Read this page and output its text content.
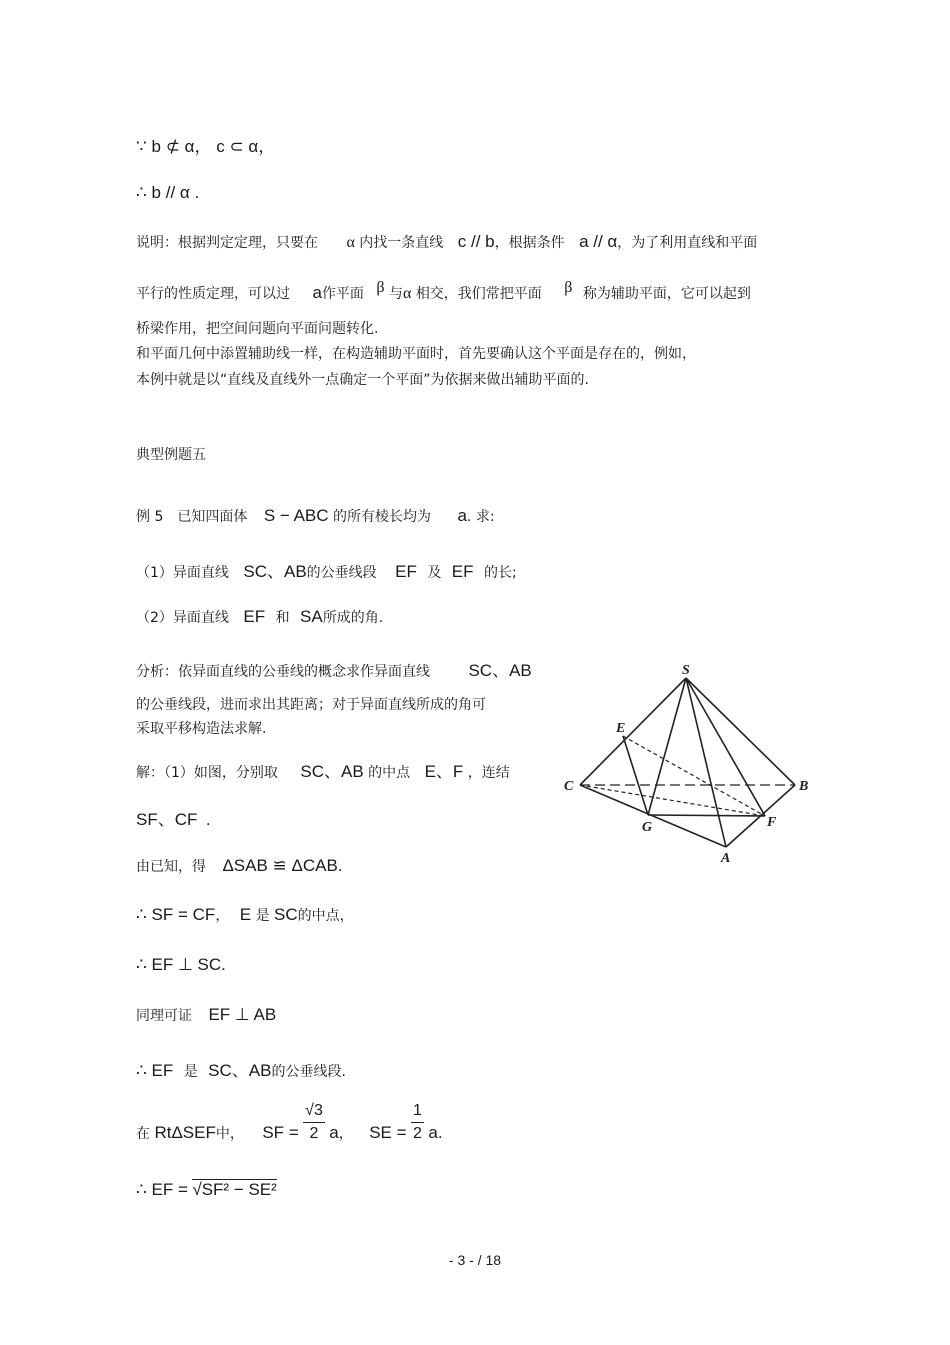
∵ b ⊄ α， c ⊂ α，
∴ b // α .
说明：根据判定定理，只要在 α 内找一条直线 c // b，根据条件 a // α，为了利用直线和平面
平行的性质定理，可以过 a作平面 β 与α 相交，我们常把平面 β 称为辅助平面，它可以起到
桥梁作用，把空间问题向平面问题转化.
和平面几何中添置辅助线一样，在构造辅助平面时，首先要确认这个平面是存在的，例如，
本例中就是以“直线及直线外一点确定一个平面”为依据来做出辅助平面的.
典型例题五
例 5　已知四面体 S − ABC 的所有棱长均为 a. 求:
（1）异面直线 SC、AB的公垂线段 EF 及 EF 的长;
（2）异面直线 EF 和 SA所成的角.
分析：依异面直线的公垂线的概念求作异面直线 SC、AB
的公垂线段，进而求出其距离；对于异面直线所成的角可
采取平移构造法求解.
解：（1）如图，分别取 SC、AB 的中点 E、F ，连结
SF、CF .
由已知，得 ΔSAB ≌ ΔCAB.
∴ SF = CF， E 是 SC的中点，
∴ EF ⊥ SC.
同理可证 EF ⊥ AB
∴ EF 是 SC、AB的公垂线段.
在 RtΔSEF中， SF = $\frac{√3}{2}$ a， SE = $\frac{1}{2} a$.
∴ EF = √SF² − SE²
S
E
C	B
G	F
A
- 3 - / 18
